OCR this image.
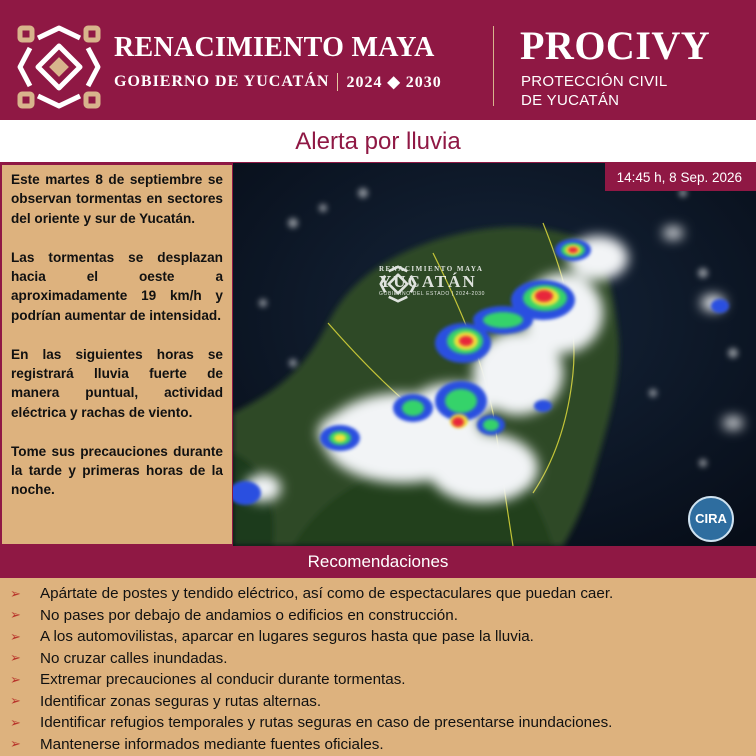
RENACIMIENTO MAYA
GOBIERNO DE YUCATÁN 2024 ◆ 2030
PROCIVY
PROTECCIÓN CIVIL
DE YUCATÁN
Alerta por lluvia

Este martes 8 de septiembre se observan tormentas en sectores del oriente y sur de Yucatán.

Las tormentas se desplazan hacia el oeste a aproximadamente 19 km/h y podrían aumentar de intensidad.

En las siguientes horas se registrará lluvia fuerte de manera puntual, actividad eléctrica y rachas de viento.

Tome sus precauciones durante la tarde y primeras horas de la noche.

14:45 h, 8 Sep. 2026
RENACIMIENTO MAYA
YUCATÁN
GOBIERNO DEL ESTADO | 2024-2030
CIRA
Recomendaciones
➢	Apártate de postes y tendido eléctrico, así como de espectaculares que puedan caer.
➢	No pases por debajo de andamios o edificios en construcción.
➢	A los automovilistas, aparcar en lugares seguros hasta que pase la lluvia.
➢	No cruzar calles inundadas.
➢	Extremar precauciones al conducir durante tormentas.
➢	Identificar zonas seguras y rutas alternas.
➢	Identificar refugios temporales y rutas seguras en caso de presentarse inundaciones.
➢	Mantenerse informados mediante fuentes oficiales.
